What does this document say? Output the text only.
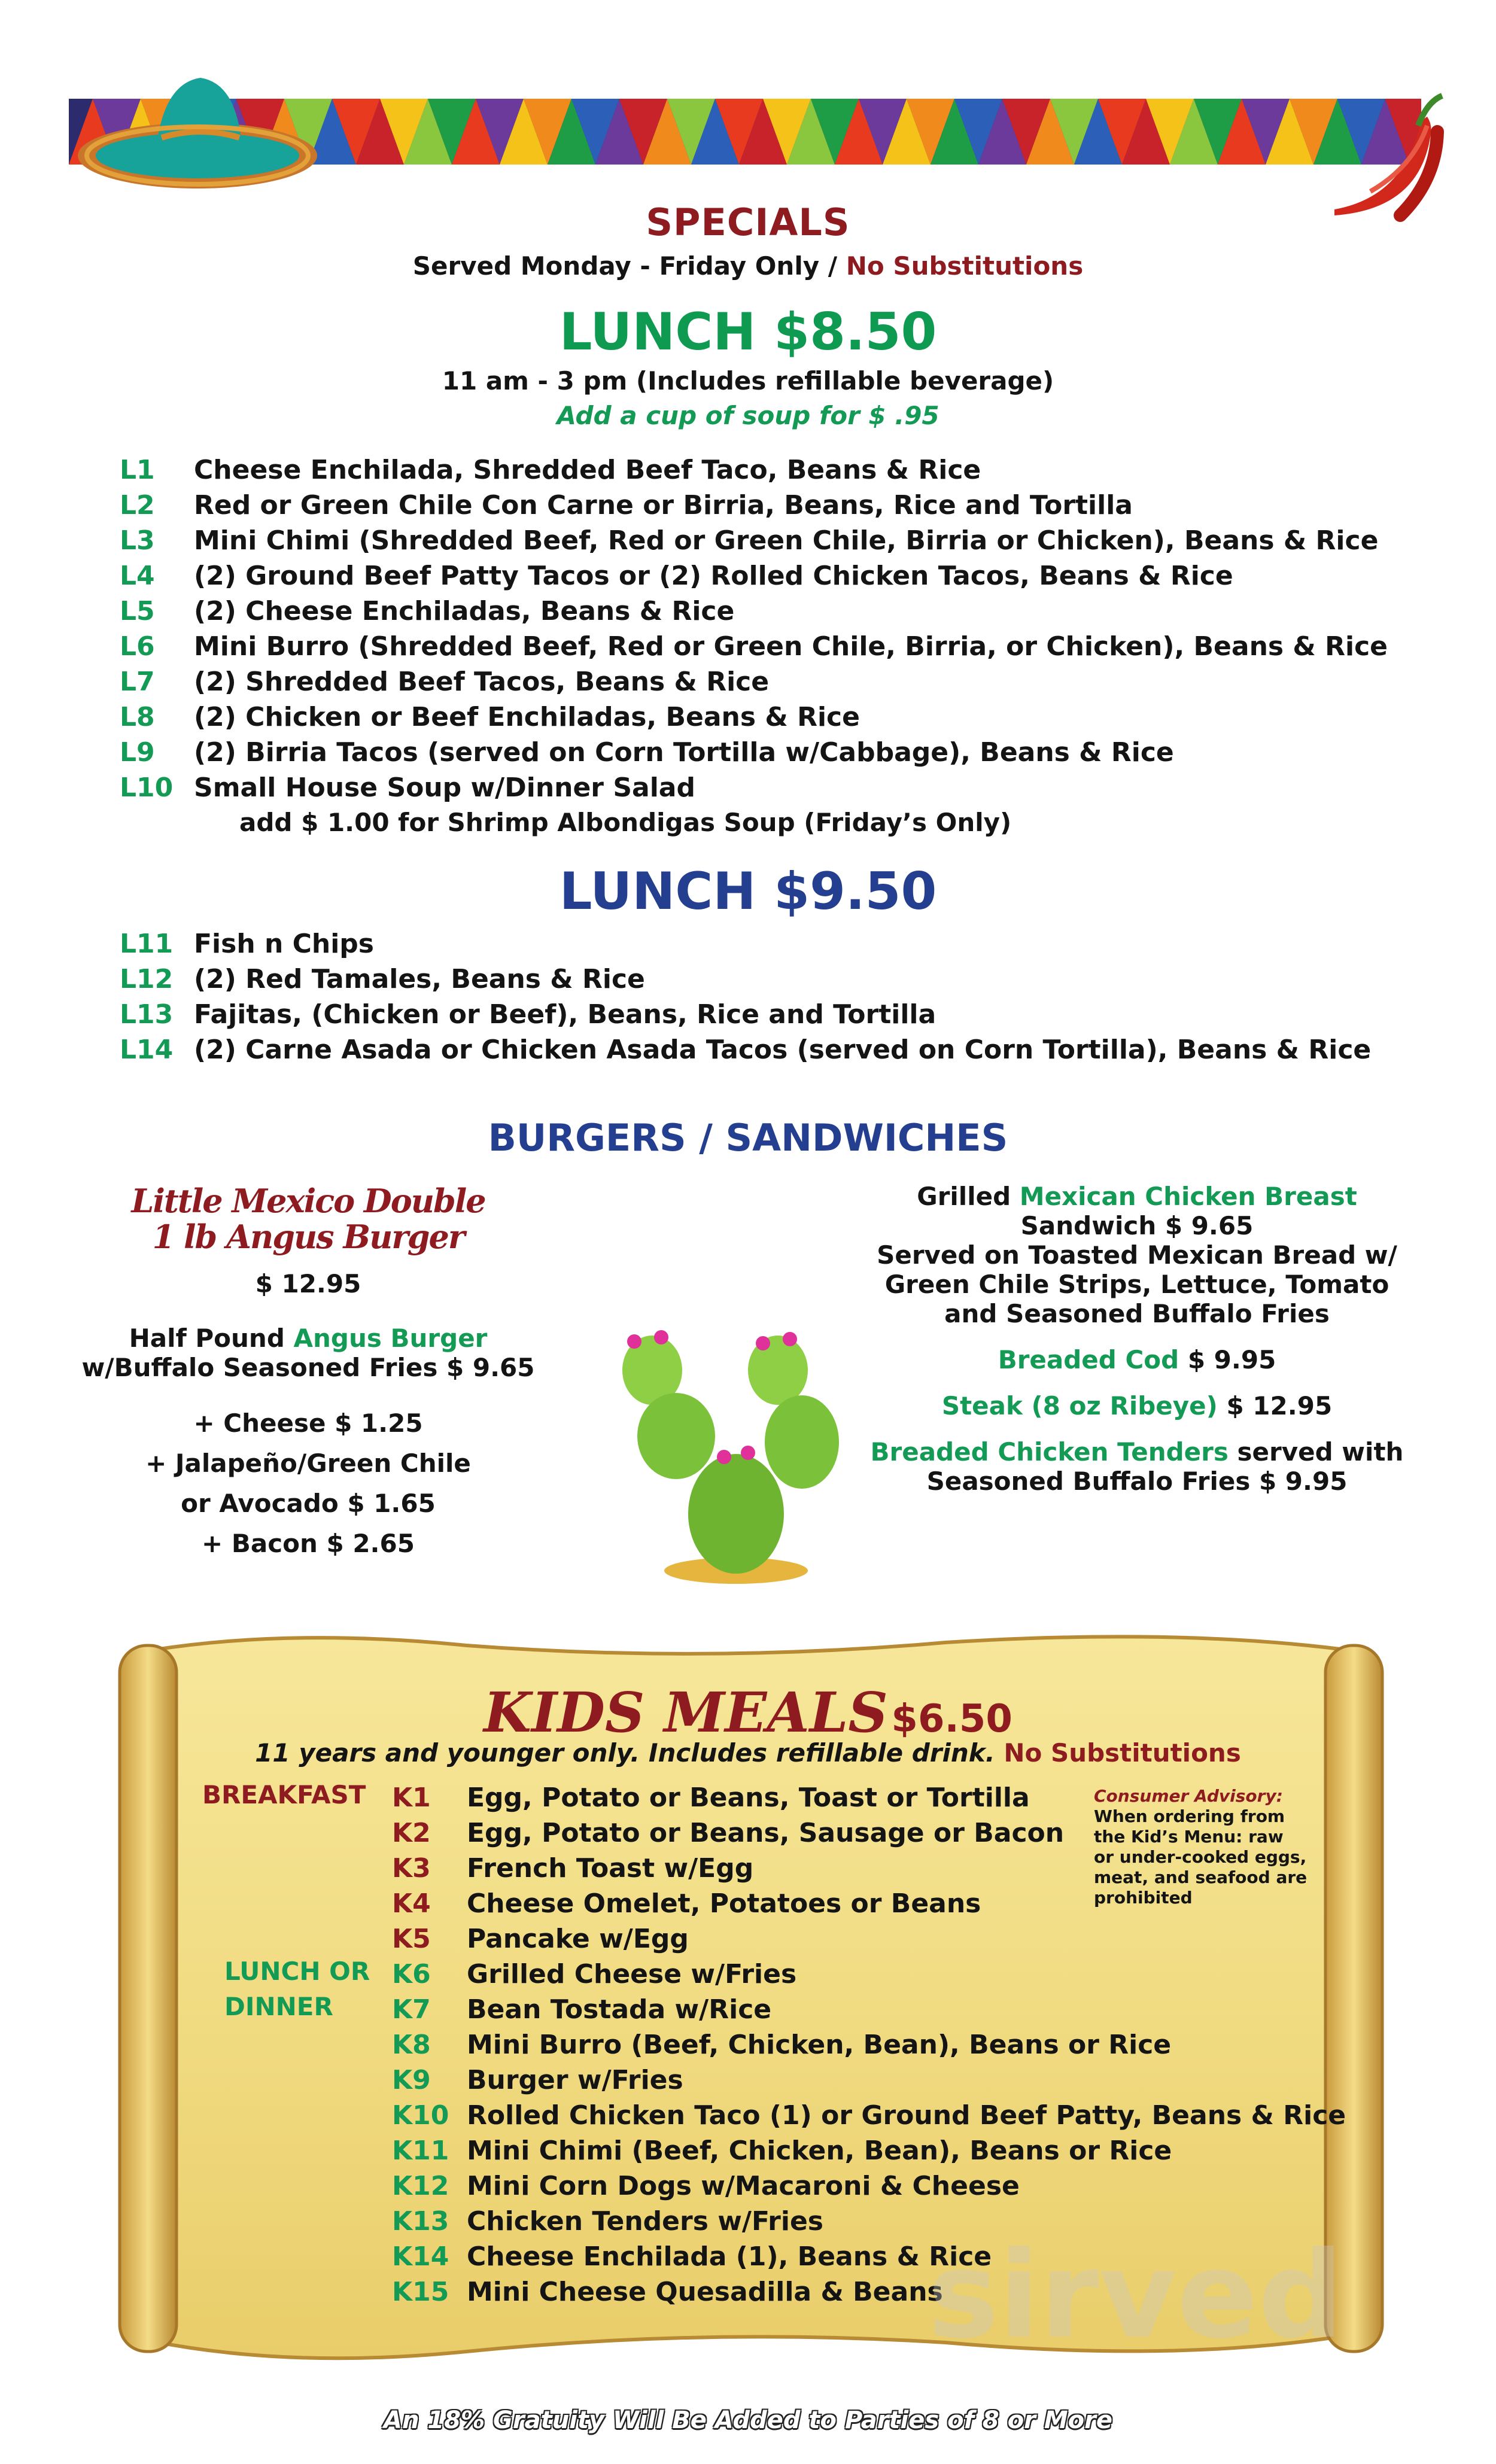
SPECIALS
Served Monday - Friday Only / No Substitutions
LUNCH $8.50
11 am - 3 pm (Includes refillable beverage)
Add a cup of soup for $ .95
L1 Cheese Enchilada, Shredded Beef Taco, Beans & Rice
L2 Red or Green Chile Con Carne or Birria, Beans, Rice and Tortilla
L3 Mini Chimi (Shredded Beef, Red or Green Chile, Birria or Chicken), Beans & Rice
L4 (2) Ground Beef Patty Tacos or (2) Rolled Chicken Tacos, Beans & Rice
L5 (2) Cheese Enchiladas, Beans & Rice
L6 Mini Burro (Shredded Beef, Red or Green Chile, Birria, or Chicken), Beans & Rice
L7 (2) Shredded Beef Tacos, Beans & Rice
L8 (2) Chicken or Beef Enchiladas, Beans & Rice
L9 (2) Birria Tacos (served on Corn Tortilla w/Cabbage), Beans & Rice
L10 Small House Soup w/Dinner Salad
add $ 1.00 for Shrimp Albondigas Soup (Friday’s Only)
LUNCH $9.50
L11 Fish n Chips
L12 (2) Red Tamales, Beans & Rice
L13 Fajitas, (Chicken or Beef), Beans, Rice and Tortilla
L14 (2) Carne Asada or Chicken Asada Tacos (served on Corn Tortilla), Beans & Rice
BURGERS / SANDWICHES
Little Mexico Double
1 lb Angus Burger
$ 12.95
Half Pound Angus Burger
w/Buffalo Seasoned Fries $ 9.65
+ Cheese $ 1.25
+ Jalapeño/Green Chile
or Avocado $ 1.65
+ Bacon $ 2.65
Grilled Mexican Chicken Breast
Sandwich $ 9.65
Served on Toasted Mexican Bread w/
Green Chile Strips, Lettuce, Tomato
and Seasoned Buffalo Fries
Breaded Cod $ 9.95
Steak (8 oz Ribeye) $ 12.95
Breaded Chicken Tenders served with
Seasoned Buffalo Fries $ 9.95
KIDS MEALS $6.50
11 years and younger only. Includes refillable drink. No Substitutions
BREAKFAST
LUNCH OR
DINNER
K1 Egg, Potato or Beans, Toast or Tortilla
K2 Egg, Potato or Beans, Sausage or Bacon
K3 French Toast w/Egg
K4 Cheese Omelet, Potatoes or Beans
K5 Pancake w/Egg
K6 Grilled Cheese w/Fries
K7 Bean Tostada w/Rice
K8 Mini Burro (Beef, Chicken, Bean), Beans or Rice
K9 Burger w/Fries
K10 Rolled Chicken Taco (1) or Ground Beef Patty, Beans & Rice
K11 Mini Chimi (Beef, Chicken, Bean), Beans or Rice
K12 Mini Corn Dogs w/Macaroni & Cheese
K13 Chicken Tenders w/Fries
K14 Cheese Enchilada (1), Beans & Rice
K15 Mini Cheese Quesadilla & Beans
Consumer Advisory:
When ordering from
the Kid’s Menu: raw
or under-cooked eggs,
meat, and seafood are
prohibited
sirved
An 18% Gratuity Will Be Added to Parties of 8 or More
